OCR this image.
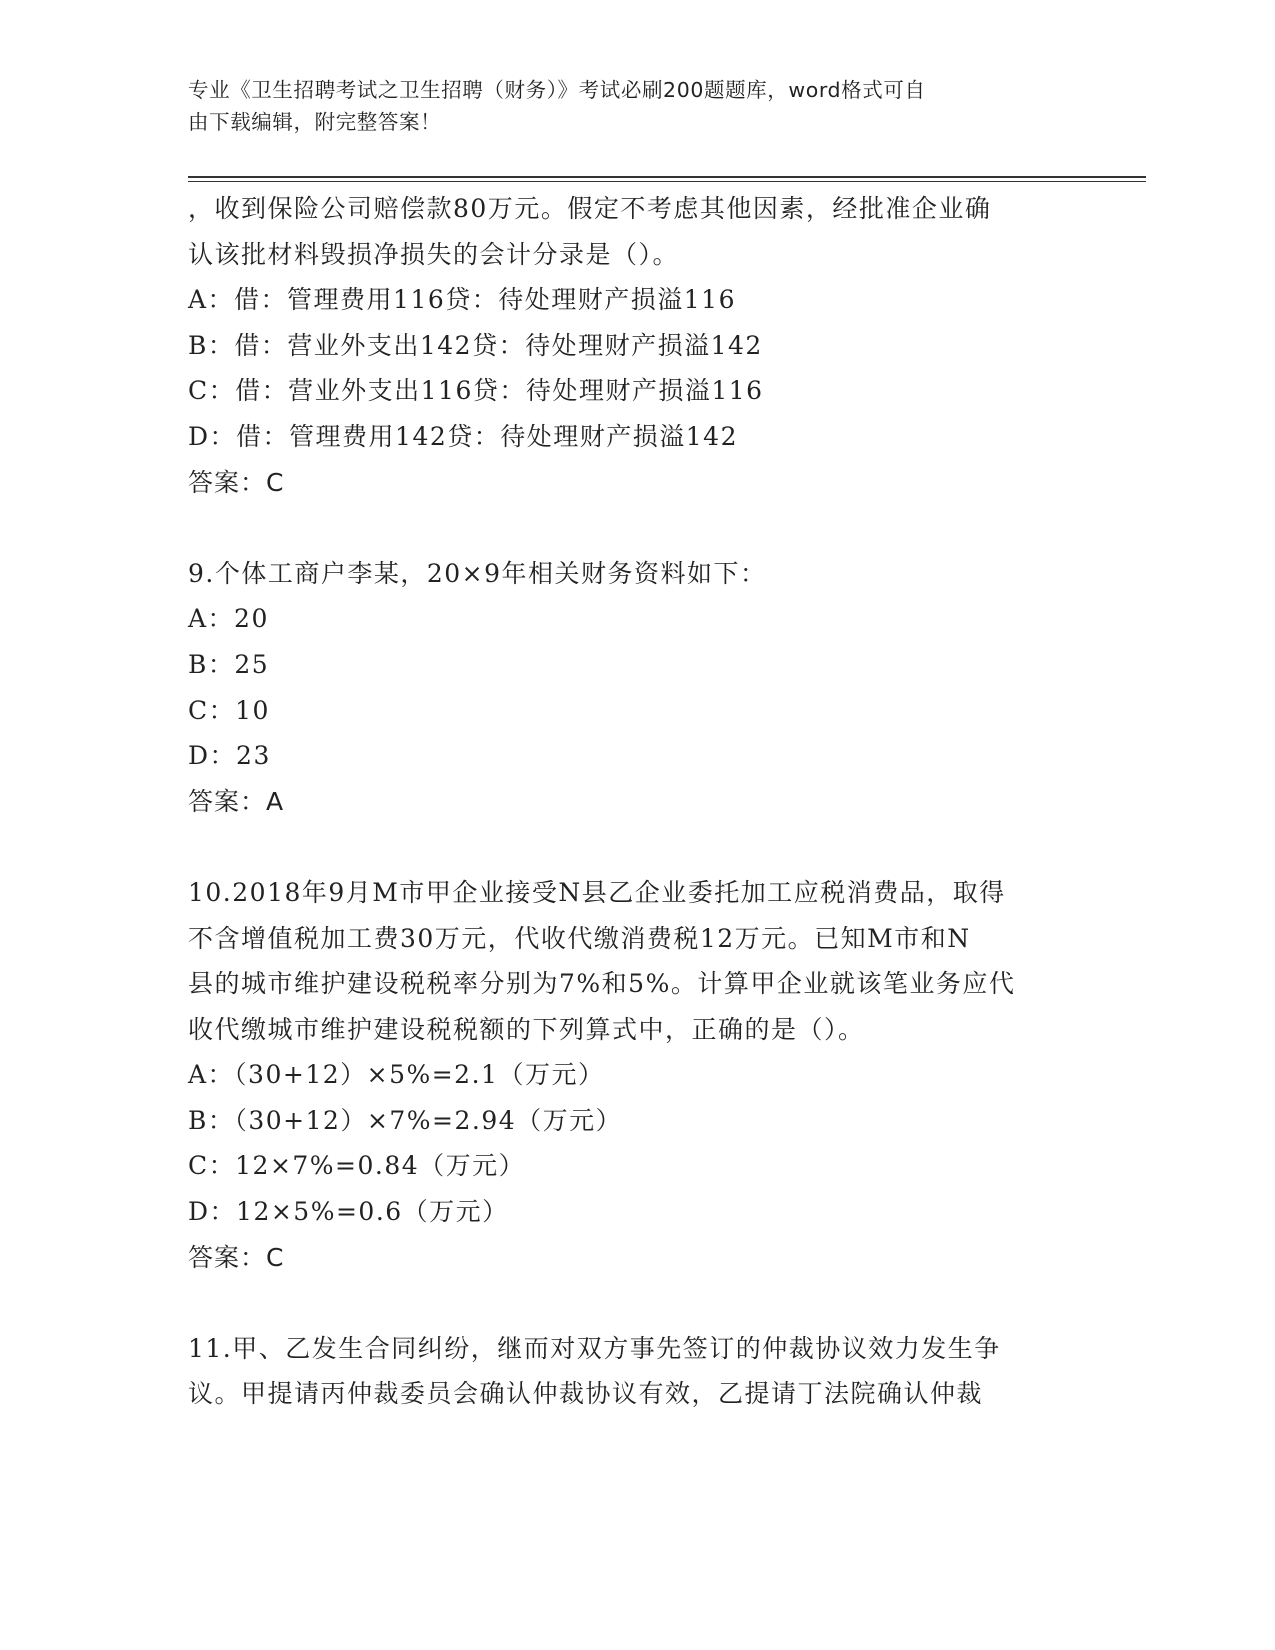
专业《卫生招聘考试之卫生招聘（财务）》考试必刷200题题库，word格式可自
由下载编辑，附完整答案！
，收到保险公司赔偿款80万元。假定不考虑其他因素，经批准企业确
认该批材料毁损净损失的会计分录是（）。
A：借：管理费用116贷：待处理财产损溢116
B：借：营业外支出142贷：待处理财产损溢142
C：借：营业外支出116贷：待处理财产损溢116
D：借：管理费用142贷：待处理财产损溢142
答案：C
9.个体工商户李某，20×9年相关财务资料如下：
A：20
B：25
C：10
D：23
答案：A
10.2018年9月M市甲企业接受N县乙企业委托加工应税消费品，取得
不含增值税加工费30万元，代收代缴消费税12万元。已知M市和N
县的城市维护建设税税率分别为7%和5%。计算甲企业就该笔业务应代
收代缴城市维护建设税税额的下列算式中，正确的是（）。
A：（30+12）×5%=2.1（万元）
B：（30+12）×7%=2.94（万元）
C：12×7%=0.84（万元）
D：12×5%=0.6（万元）
答案：C
11.甲、乙发生合同纠纷，继而对双方事先签订的仲裁协议效力发生争
议。甲提请丙仲裁委员会确认仲裁协议有效，乙提请丁法院确认仲裁
